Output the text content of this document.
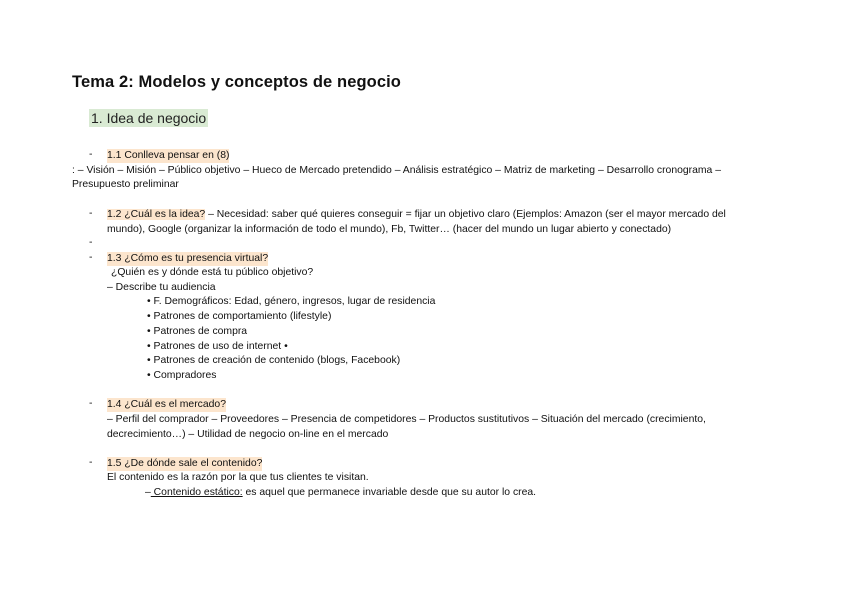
Tema 2: Modelos y conceptos de negocio
1. Idea de negocio
- 1.1 Conlleva pensar en (8)
: – Visión – Misión – Público objetivo – Hueco de Mercado pretendido – Análisis estratégico – Matriz de marketing – Desarrollo cronograma –
Presupuesto preliminar
- 1.2 ¿Cuál es la idea? – Necesidad: saber qué quieres conseguir = fijar un objetivo claro (Ejemplos: Amazon (ser el mayor mercado del
mundo), Google (organizar la información de todo el mundo), Fb, Twitter… (hacer del mundo un lugar abierto y conectado)
-
- 1.3 ¿Cómo es tu presencia virtual?
¿Quién es y dónde está tu público objetivo?
– Describe tu audiencia
• F. Demográficos: Edad, género, ingresos, lugar de residencia
• Patrones de comportamiento (lifestyle)
• Patrones de compra
• Patrones de uso de internet •
• Patrones de creación de contenido (blogs, Facebook)
• Compradores
- 1.4 ¿Cuál es el mercado?
– Perfil del comprador – Proveedores – Presencia de competidores – Productos sustitutivos – Situación del mercado (crecimiento,
decrecimiento…) – Utilidad de negocio on-line en el mercado
- 1.5 ¿De dónde sale el contenido?
El contenido es la razón por la que tus clientes te visitan.
– Contenido estático: es aquel que permanece invariable desde que su autor lo crea.
